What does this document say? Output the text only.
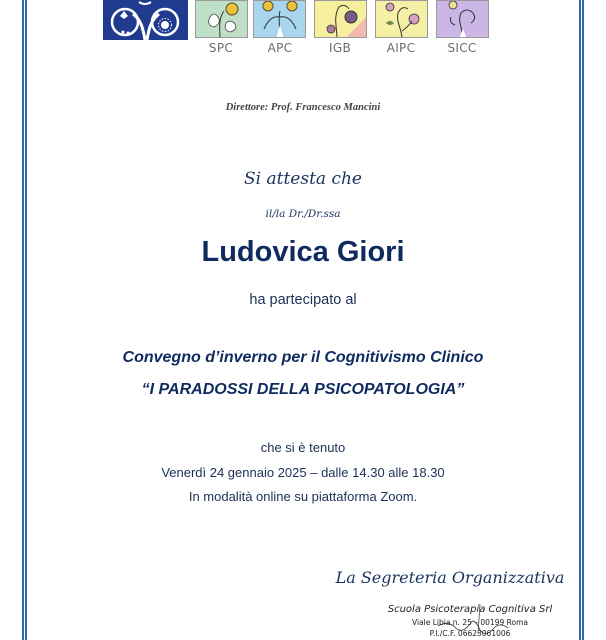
SPC	APC	IGB	AIPC	SICC
Direttore: Prof. Francesco Mancini
Si attesta che
il/la Dr./Dr.ssa
Ludovica Giori
ha partecipato al
Convegno d’inverno per il Cognitivismo Clinico
“I PARADOSSI DELLA PSICOPATOLOGIA”
che si è tenuto
Venerdì 24 gennaio 2025 – dalle 14.30 alle 18.30
In modalità online su piattaforma Zoom.
La Segreteria Organizzativa
Scuola Psicoterapia Cognitiva Srl
Viale Libia n. 25 – 00199 Roma
P.I./C.F. 06623061006
